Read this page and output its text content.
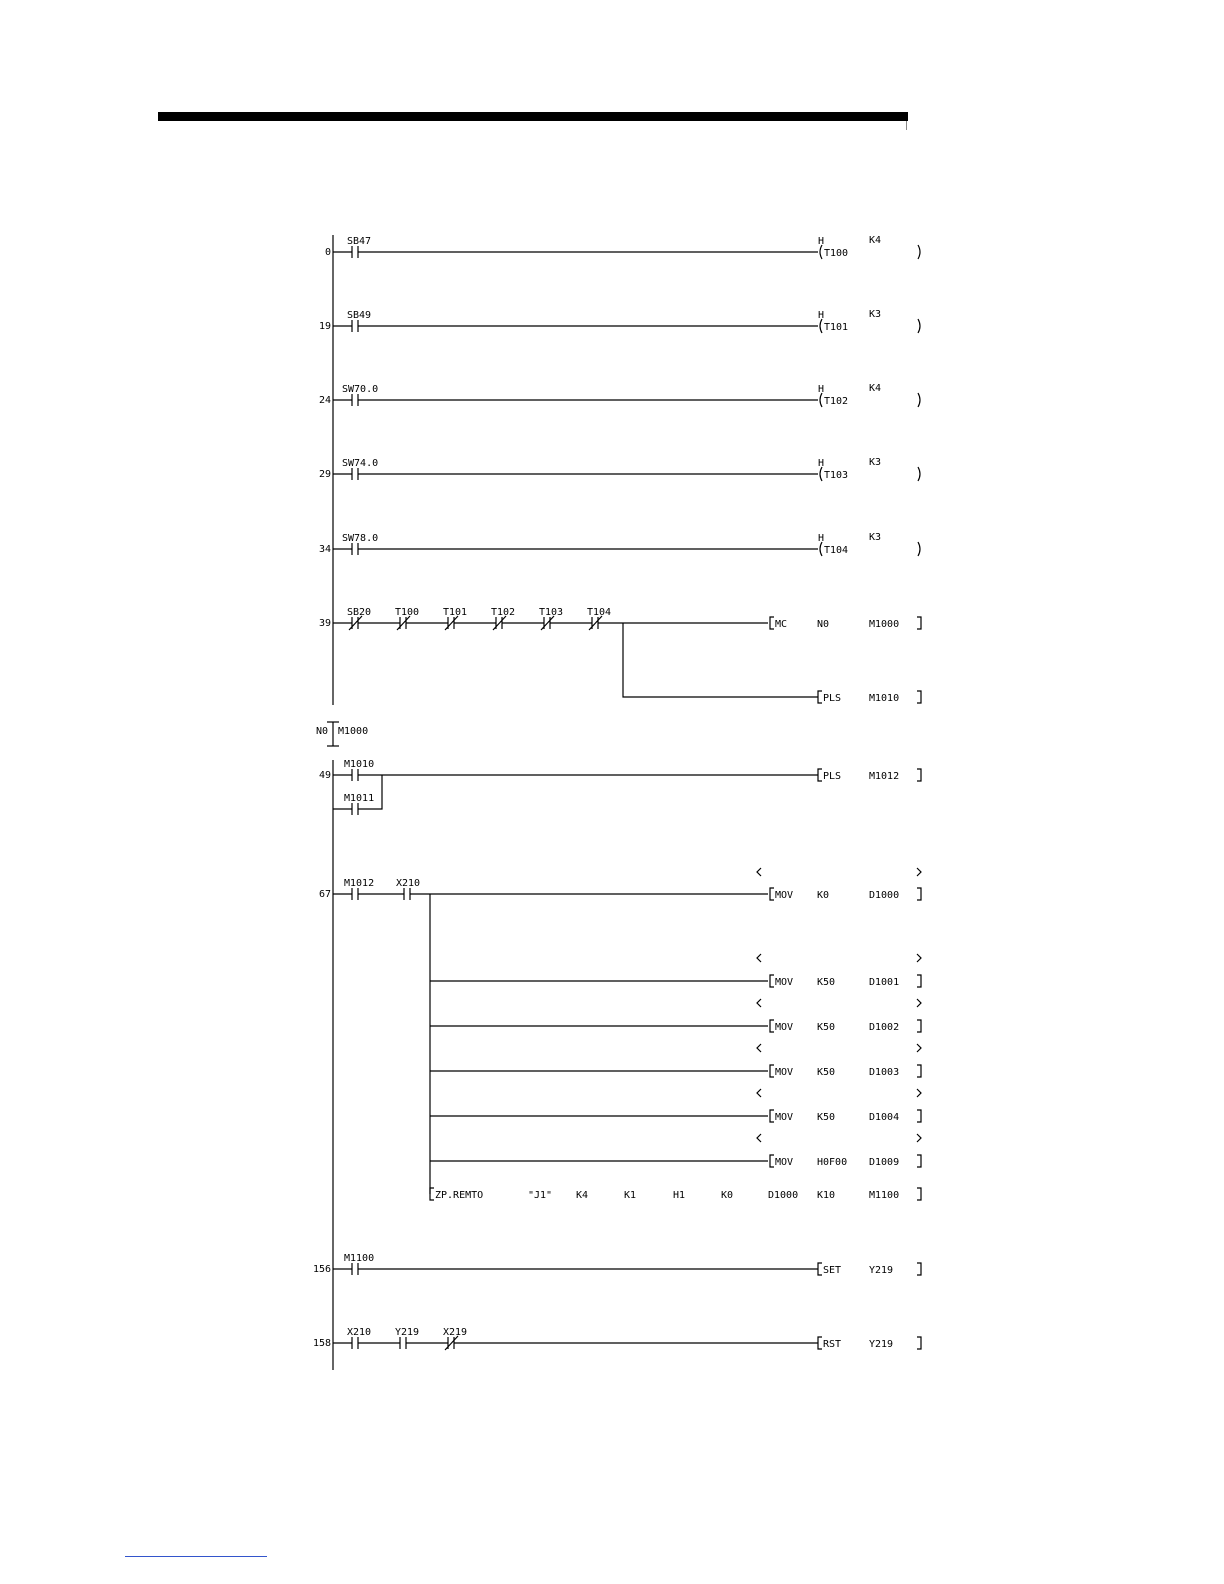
0
SB47	H
T100
K4
19
SB49	H
T101
K3
24
SW70.0	H
T102
K4
29
SW74.0	H
T103
K3
34
SW78.0	H
T104
K3
39
SB20 T100 T101 T102 T103 T104
MC	N0	M1000
PLS	M1010
N0 M1000
49
M1010
M1011
PLS	M1012
67
M1012 X210
MOV K0	D1000
MOV K50	D1001
MOV K50	D1002
MOV K50	D1003
MOV K50	D1004
MOV H0F00 D1009
ZP.REMTO	"J1" K4	K1	H1	K0	D1000 K10	M1100
156
M1100
SET	Y219
158
X210 Y219 X219
RST	Y219
